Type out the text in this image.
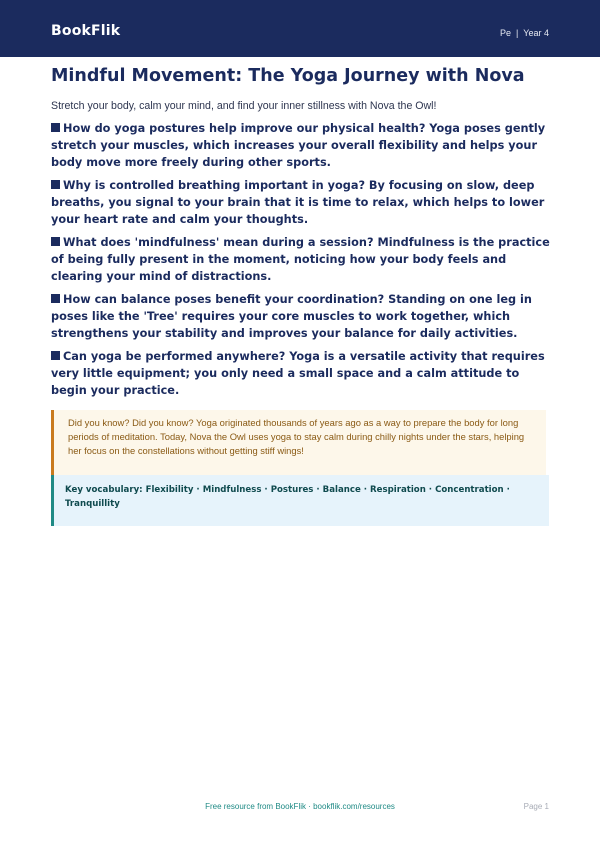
BookFlik	Pe | Year 4
Mindful Movement: The Yoga Journey with Nova

Stretch your body, calm your mind, and find your inner stillness with Nova the Owl!

How do yoga postures help improve our physical health? Yoga poses gently stretch your muscles, which increases your overall flexibility and helps your body move more freely during other sports.

Why is controlled breathing important in yoga? By focusing on slow, deep breaths, you signal to your brain that it is time to relax, which helps to lower your heart rate and calm your thoughts.

What does 'mindfulness' mean during a session? Mindfulness is the practice of being fully present in the moment, noticing how your body feels and clearing your mind of distractions.

How can balance poses benefit your coordination? Standing on one leg in poses like the 'Tree' requires your core muscles to work together, which strengthens your stability and improves your balance for daily activities.

Can yoga be performed anywhere? Yoga is a versatile activity that requires very little equipment; you only need a small space and a calm attitude to begin your practice.

Did you know? Did you know? Yoga originated thousands of years ago as a way to prepare the body for long periods of meditation. Today, Nova the Owl uses yoga to stay calm during chilly nights under the stars, helping her focus on the constellations without getting stiff wings!
Key vocabulary: Flexibility · Mindfulness · Postures · Balance · Respiration · Concentration · Tranquillity
Free resource from BookFlik · bookflik.com/resources	Page 1
